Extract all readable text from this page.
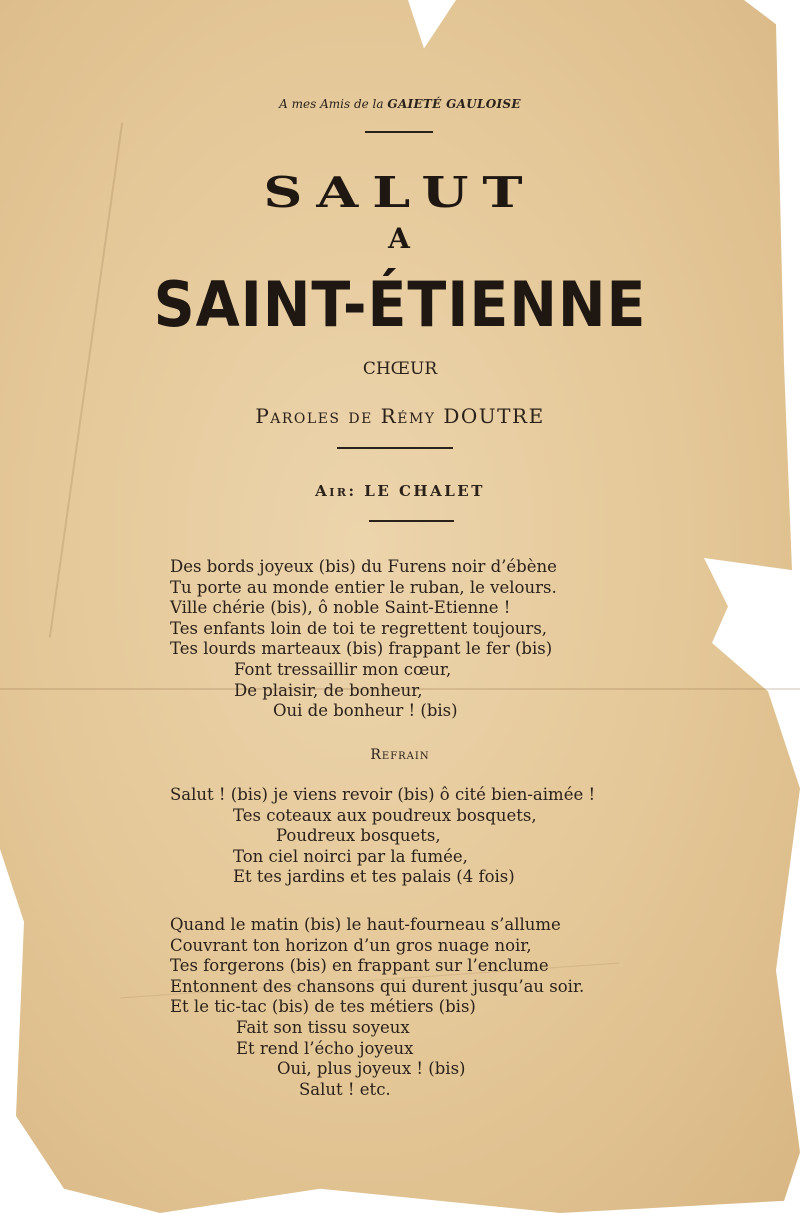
A mes Amis de la GAIETÉ GAULOISE
SALUT
A
SAINT-ÉTIENNE
CHŒUR
Paroles de Rémy DOUTRE
Air: LE CHALET
Des bords joyeux (bis) du Furens noir d’ébène
Tu porte au monde entier le ruban, le velours.
Ville chérie (bis), ô noble Saint-Etienne !
Tes enfants loin de toi te regrettent toujours,
Tes lourds marteaux (bis) frappant le fer (bis)
Font tressaillir mon cœur,
De plaisir, de bonheur,
Oui de bonheur ! (bis)
Refrain
Salut ! (bis) je viens revoir (bis) ô cité bien-aimée !
Tes coteaux aux poudreux bosquets,
Poudreux bosquets,
Ton ciel noirci par la fumée,
Et tes jardins et tes palais (4 fois)
Quand le matin (bis) le haut-fourneau s’allume
Couvrant ton horizon d’un gros nuage noir,
Tes forgerons (bis) en frappant sur l’enclume
Entonnent des chansons qui durent jusqu’au soir.
Et le tic-tac (bis) de tes métiers (bis)
Fait son tissu soyeux
Et rend l’écho joyeux
Oui, plus joyeux ! (bis)
Salut ! etc.
